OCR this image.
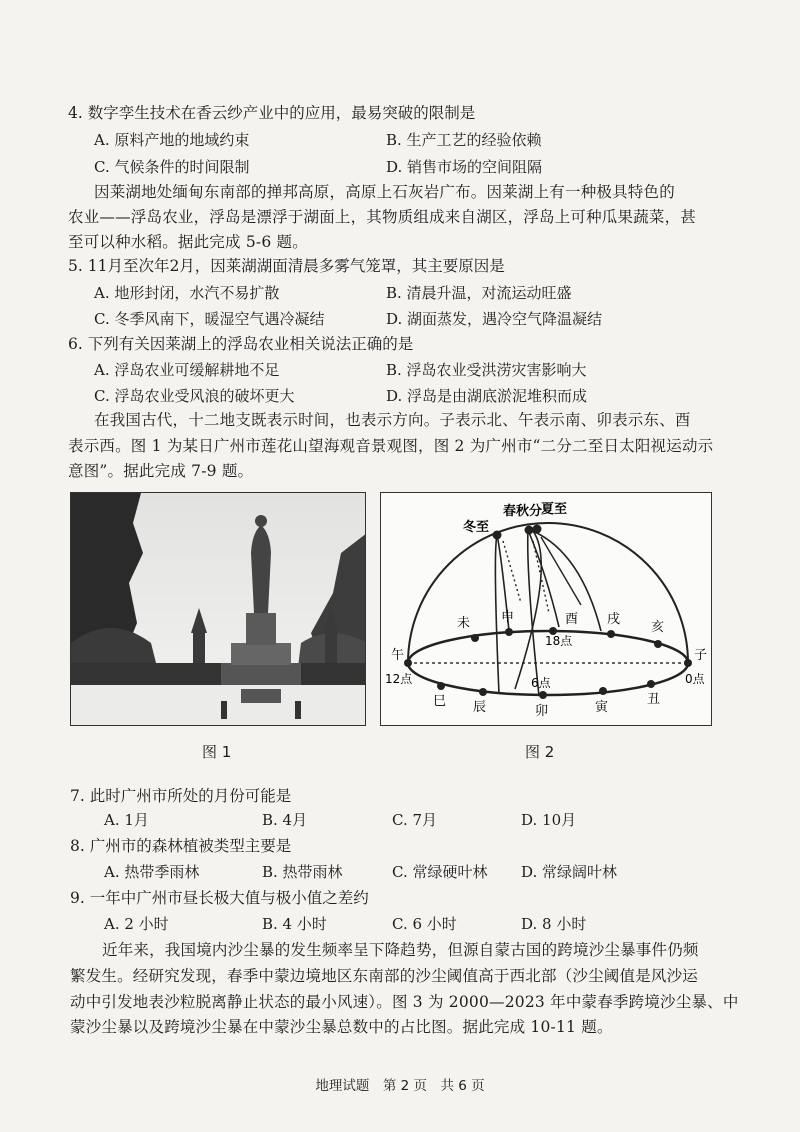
4. 数字孪生技术在香云纱产业中的应用，最易突破的限制是
A. 原料产地的地域约束	B. 生产工艺的经验依赖
C. 气候条件的时间限制	D. 销售市场的空间阻隔
因莱湖地处缅甸东南部的掸邦高原，高原上石灰岩广布。因莱湖上有一种极具特色的
农业——浮岛农业，浮岛是漂浮于湖面上，其物质组成来自湖区，浮岛上可种瓜果蔬菜，甚
至可以种水稻。据此完成 5-6 题。
5. 11月至次年2月，因莱湖湖面清晨多雾气笼罩，其主要原因是
A. 地形封闭，水汽不易扩散	B. 清晨升温，对流运动旺盛
C. 冬季风南下，暖湿空气遇冷凝结	D. 湖面蒸发，遇冷空气降温凝结
6. 下列有关因莱湖上的浮岛农业相关说法正确的是
A. 浮岛农业可缓解耕地不足	B. 浮岛农业受洪涝灾害影响大
C. 浮岛农业受风浪的破坏更大	D. 浮岛是由湖底淤泥堆积而成
在我国古代，十二地支既表示时间，也表示方向。子表示北、午表示南、卯表示东、酉
表示西。图 1 为某日广州市莲花山望海观音景观图，图 2 为广州市“二分二至日太阳视运动示
意图”。据此完成 7-9 题。
图 1
冬至
春秋分
夏至
未 申	酉 戌
亥
午	子
12点	0点
18点
6点
巳 辰	卯	寅
丑
图 2
7. 此时广州市所处的月份可能是
A. 1月	B. 4月	C. 7月	D. 10月
8. 广州市的森林植被类型主要是
A. 热带季雨林	B. 热带雨林	C. 常绿硬叶林 D. 常绿阔叶林
9. 一年中广州市昼长极大值与极小值之差约
A. 2 小时	B. 4 小时	C. 6 小时	D. 8 小时
近年来，我国境内沙尘暴的发生频率呈下降趋势，但源自蒙古国的跨境沙尘暴事件仍频
繁发生。经研究发现，春季中蒙边境地区东南部的沙尘阈值高于西北部（沙尘阈值是风沙运
动中引发地表沙粒脱离静止状态的最小风速）。图 3 为 2000—2023 年中蒙春季跨境沙尘暴、中
蒙沙尘暴以及跨境沙尘暴在中蒙沙尘暴总数中的占比图。据此完成 10-11 题。
地理试题　第 2 页　共 6 页
